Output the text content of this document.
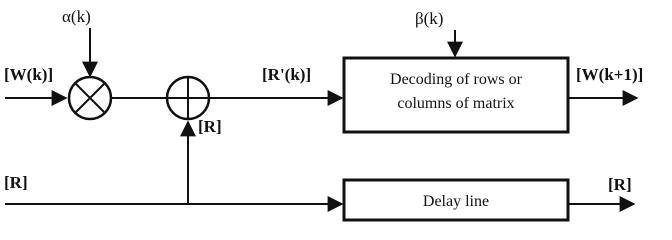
Decoding of rows or
columns of matrix
Delay line
α(k)	β(k)
[W(k)]
[R]
[R'(k)]
[R]
[W(k+1)]
[R]
